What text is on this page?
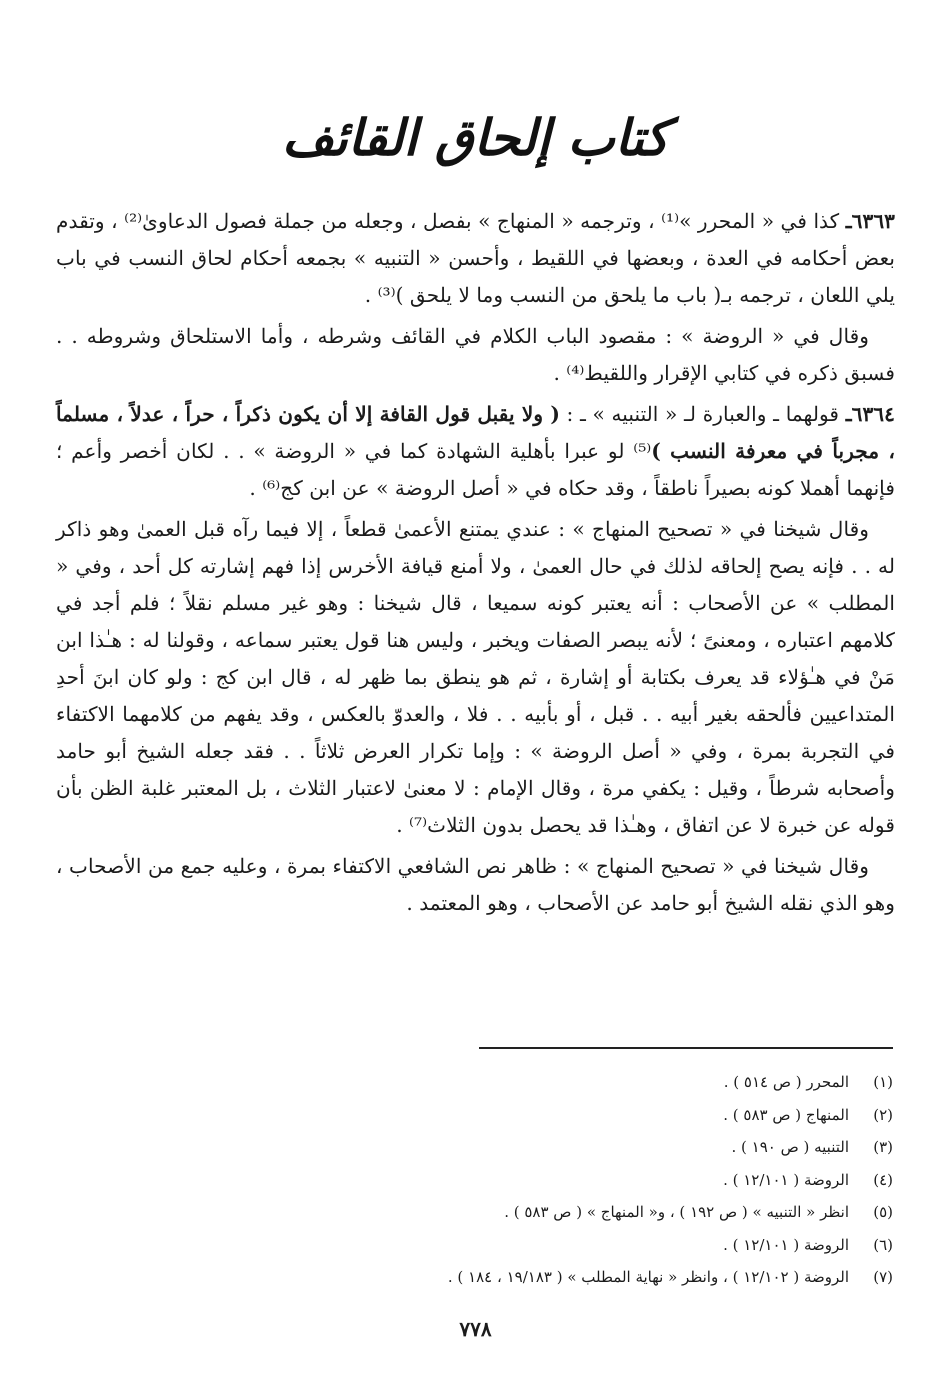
كتاب إلحاق القائف

٦٣٦٣ـ كذا في « المحرر »⁽¹⁾ ، وترجمه « المنهاج » بفصل ، وجعله من جملة فصول الدعاوىٰ⁽²⁾ ، وتقدم بعض أحكامه في العدة ، وبعضها في اللقيط ، وأحسن « التنبيه » بجمعه أحكام لحاق النسب في باب يلي اللعان ، ترجمه بـ( باب ما يلحق من النسب وما لا يلحق )⁽³⁾ .

وقال في « الروضة » : مقصود الباب الكلام في القائف وشرطه ، وأما الاستلحاق وشروطه . . فسبق ذكره في كتابي الإقرار واللقيط⁽⁴⁾ .

٦٣٦٤ـ قولهما ـ والعبارة لـ « التنبيه » ـ : ( ولا يقبل قول القافة إلا أن يكون ذكراً ، حراً ، عدلاً ، مسلماً ، مجرباً في معرفة النسب )⁽⁵⁾ لو عبرا بأهلية الشهادة كما في « الروضة » . . لكان أخصر وأعم ؛ فإنهما أهملا كونه بصيراً ناطقاً ، وقد حكاه في « أصل الروضة » عن ابن كج⁽⁶⁾ .

وقال شيخنا في « تصحيح المنهاج » : عندي يمتنع الأعمىٰ قطعاً ، إلا فيما رآه قبل العمىٰ وهو ذاكر له . . فإنه يصح إلحاقه لذلك في حال العمىٰ ، ولا أمنع قيافة الأخرس إذا فهم إشارته كل أحد ، وفي « المطلب » عن الأصحاب : أنه يعتبر كونه سميعا ، قال شيخنا : وهو غير مسلم نقلاً ؛ فلم أجد في كلامهم اعتباره ، ومعنىً ؛ لأنه يبصر الصفات ويخبر ، وليس هنا قول يعتبر سماعه ، وقولنا له : هـٰذا ابن مَنْ في هـٰؤلاء قد يعرف بكتابة أو إشارة ، ثم هو ينطق بما ظهر له ، قال ابن كج : ولو كان ابنَ أحدِ المتداعيين فألحقه بغير أبيه . . قبل ، أو بأبيه . . فلا ، والعدوّ بالعكس ، وقد يفهم من كلامهما الاكتفاء في التجربة بمرة ، وفي « أصل الروضة » : وإما تكرار العرض ثلاثاً . . فقد جعله الشيخ أبو حامد وأصحابه شرطاً ، وقيل : يكفي مرة ، وقال الإمام : لا معنىٰ لاعتبار الثلاث ، بل المعتبر غلبة الظن بأن قوله عن خبرة لا عن اتفاق ، وهـٰذا قد يحصل بدون الثلاث⁽⁷⁾ .

وقال شيخنا في « تصحيح المنهاج » : ظاهر نص الشافعي الاكتفاء بمرة ، وعليه جمع من الأصحاب ، وهو الذي نقله الشيخ أبو حامد عن الأصحاب ، وهو المعتمد .

(١)
المحرر ( ص ٥١٤ ) .
(٢)
المنهاج ( ص ٥٨٣ ) .
(٣)
التنبيه ( ص ١٩٠ ) .
(٤)
الروضة ( ١٢/١٠١ ) .
(٥)
انظر « التنبيه » ( ص ١٩٢ ) ، و« المنهاج » ( ص ٥٨٣ ) .
(٦)
الروضة ( ١٢/١٠١ ) .
(٧)
الروضة ( ١٢/١٠٢ ) ، وانظر « نهاية المطلب » ( ١٩/١٨٣ ، ١٨٤ ) .
٧٧٨
